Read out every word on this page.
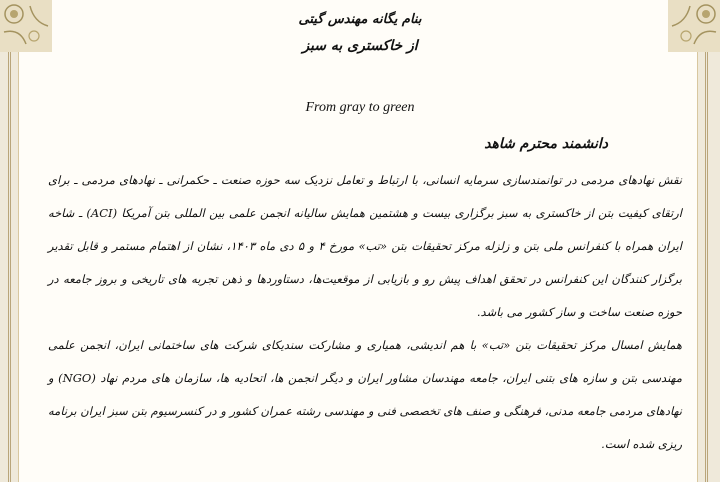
بنام یگانه مهندس گیتی
از خاکستری به سبز
From gray to green
دانشمند محترم شاهد

نقش نهادهای مردمی در توانمندسازی سرمایه انسانی، با ارتباط و تعامل نزدیک سه حوزه صنعت ـ حکمرانی ـ نهادهای مردمی ـ برای ارتقای کیفیت بتن از خاکستری به سبز برگزاری بیست و هشتمین همایش سالیانه انجمن علمی بین المللی بتن آمریکا (ACI) ـ شاخه ایران همراه با کنفرانس ملی بتن و زلزله مرکز تحقیقات بتن «تب» مورخ ۴ و ۵ دی ماه ۱۴۰۳، نشان از اهتمام مستمر و قابل تقدیر برگزار کنندگان این کنفرانس در تحقق اهداف پیش رو و بازیابی از موقعیت‌ها، دستاوردها و ذهن تجربه های تاریخی و بروز جامعه در حوزه صنعت ساخت و ساز کشور می باشد.

همایش امسال مرکز تحقیقات بتن «تب» با هم اندیشی، همیاری و مشارکت سندیکای شرکت های ساختمانی ایران، انجمن علمی مهندسی بتن و سازه های بتنی ایران، جامعه مهندسان مشاور ایران و دیگر انجمن ها، اتحادیه ها، سازمان های مردم نهاد (NGO) و نهادهای مردمی جامعه مدنی، فرهنگی و صنف های تخصصی فنی و مهندسی رشته عمران کشور و در کنسرسیوم بتن سبز ایران برنامه ریزی شده است.
